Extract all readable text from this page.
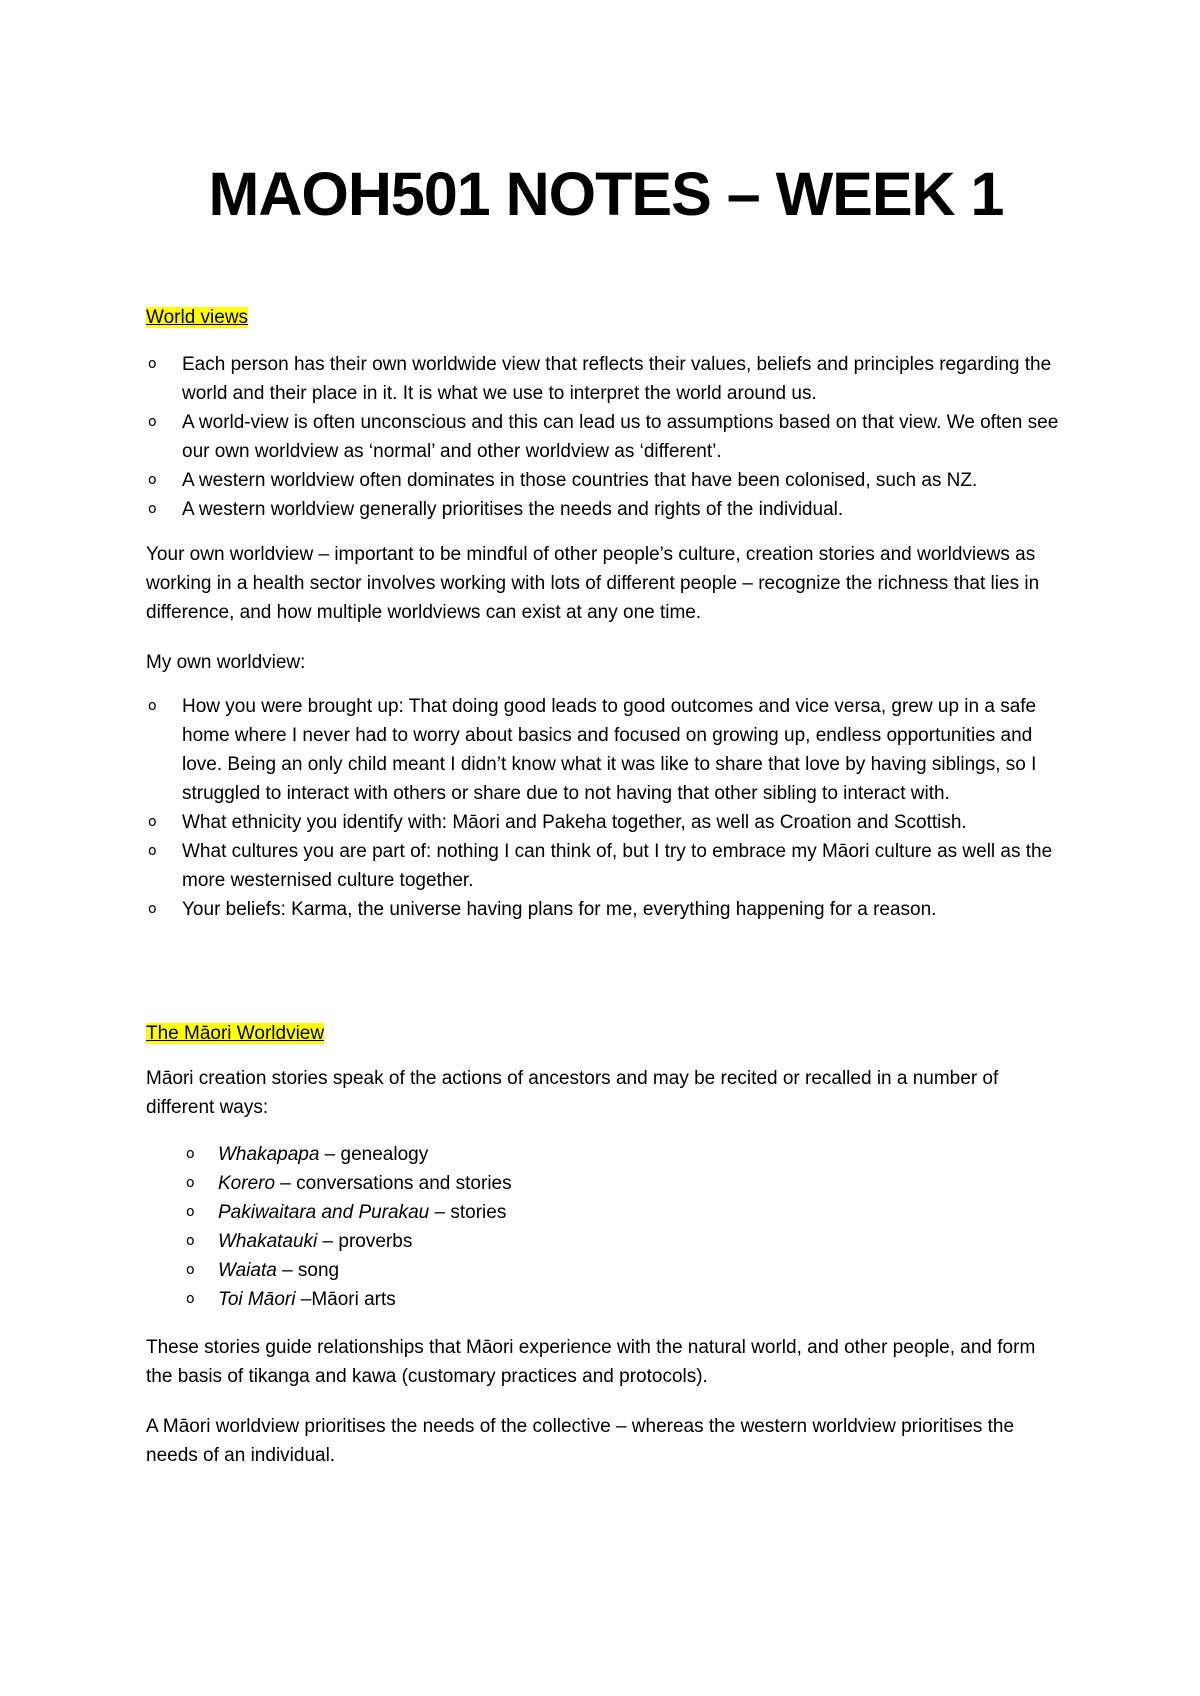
MAOH501 NOTES – WEEK 1

World views

o Each person has their own worldwide view that reflects their values, beliefs and principles regarding the world and their place in it. It is what we use to interpret the world around us.
o A world-view is often unconscious and this can lead us to assumptions based on that view. We often see our own worldview as ‘normal’ and other worldview as ‘different’.
o A western worldview often dominates in those countries that have been colonised, such as NZ.
o A western worldview generally prioritises the needs and rights of the individual.

Your own worldview – important to be mindful of other people’s culture, creation stories and worldviews as working in a health sector involves working with lots of different people – recognize the richness that lies in difference, and how multiple worldviews can exist at any one time.

My own worldview:

o How you were brought up: That doing good leads to good outcomes and vice versa, grew up in a safe home where I never had to worry about basics and focused on growing up, endless opportunities and love. Being an only child meant I didn’t know what it was like to share that love by having siblings, so I struggled to interact with others or share due to not having that other sibling to interact with.
o What ethnicity you identify with: Māori and Pakeha together, as well as Croation and Scottish.
o What cultures you are part of: nothing I can think of, but I try to embrace my Māori culture as well as the more westernised culture together.
o Your beliefs: Karma, the universe having plans for me, everything happening for a reason.

The Māori Worldview

Māori creation stories speak of the actions of ancestors and may be recited or recalled in a number of different ways:

o Whakapapa – genealogy
o Korero – conversations and stories
o Pakiwaitara and Purakau – stories
o Whakatauki – proverbs
o Waiata – song
o Toi Māori –Māori arts

These stories guide relationships that Māori experience with the natural world, and other people, and form the basis of tikanga and kawa (customary practices and protocols).

A Māori worldview prioritises the needs of the collective – whereas the western worldview prioritises the needs of an individual.
